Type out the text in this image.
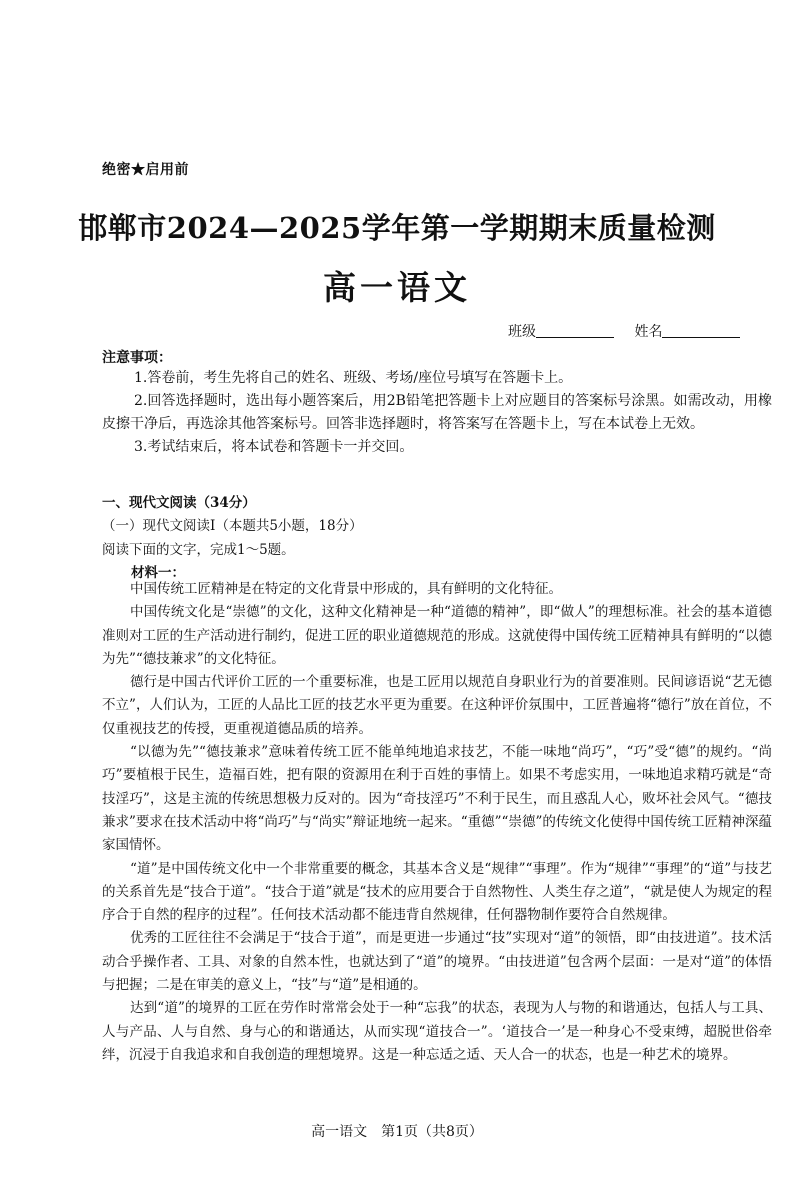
绝密★启用前
邯郸市2024—2025学年第一学期期末质量检测
高一语文
班级	姓名
注意事项：

1.答卷前，考生先将自己的姓名、班级、考场/座位号填写在答题卡上。

2.回答选择题时，选出每小题答案后，用2B铅笔把答题卡上对应题目的答案标号涂黑。如需改动，用橡皮擦干净后，再选涂其他答案标号。回答非选择题时，将答案写在答题卡上，写在本试卷上无效。

3.考试结束后，将本试卷和答题卡一并交回。

一、现代文阅读（34分）
（一）现代文阅读Ⅰ（本题共5小题，18分）
阅读下面的文字，完成1～5题。
材料一：

中国传统工匠精神是在特定的文化背景中形成的，具有鲜明的文化特征。

中国传统文化是“崇德”的文化，这种文化精神是一种“道德的精神”，即“做人”的理想标准。社会的基本道德准则对工匠的生产活动进行制约，促进工匠的职业道德规范的形成。这就使得中国传统工匠精神具有鲜明的“以德为先”“德技兼求”的文化特征。

德行是中国古代评价工匠的一个重要标准，也是工匠用以规范自身职业行为的首要准则。民间谚语说“艺无德不立”，人们认为，工匠的人品比工匠的技艺水平更为重要。在这种评价氛围中，工匠普遍将“德行”放在首位，不仅重视技艺的传授，更重视道德品质的培养。

“以德为先”“德技兼求”意味着传统工匠不能单纯地追求技艺，不能一味地“尚巧”，“巧”受“德”的规约。“尚巧”要植根于民生，造福百姓，把有限的资源用在利于百姓的事情上。如果不考虑实用，一味地追求精巧就是“奇技淫巧”，这是主流的传统思想极力反对的。因为“奇技淫巧”不利于民生，而且惑乱人心，败坏社会风气。“德技兼求”要求在技术活动中将“尚巧”与“尚实”辩证地统一起来。“重德”“崇德”的传统文化使得中国传统工匠精神深蕴家国情怀。

“道”是中国传统文化中一个非常重要的概念，其基本含义是“规律”“事理”。作为“规律”“事理”的“道”与技艺的关系首先是“技合于道”。“技合于道”就是“技术的应用要合于自然物性、人类生存之道”，“就是使人为规定的程序合于自然的程序的过程”。任何技术活动都不能违背自然规律，任何器物制作要符合自然规律。

优秀的工匠往往不会满足于“技合于道”，而是更进一步通过“技”实现对“道”的领悟，即“由技进道”。技术活动合乎操作者、工具、对象的自然本性，也就达到了“道”的境界。“由技进道”包含两个层面：一是对“道”的体悟与把握；二是在审美的意义上，“技”与“道”是相通的。

达到“道”的境界的工匠在劳作时常常会处于一种“忘我”的状态，表现为人与物的和谐通达，包括人与工具、人与产品、人与自然、身与心的和谐通达，从而实现“道技合一”。‘道技合一’是一种身心不受束缚，超脱世俗牵绊，沉浸于自我追求和自我创造的理想境界。这是一种忘适之适、天人合一的状态，也是一种艺术的境界。

高一语文　第1页（共8页）
